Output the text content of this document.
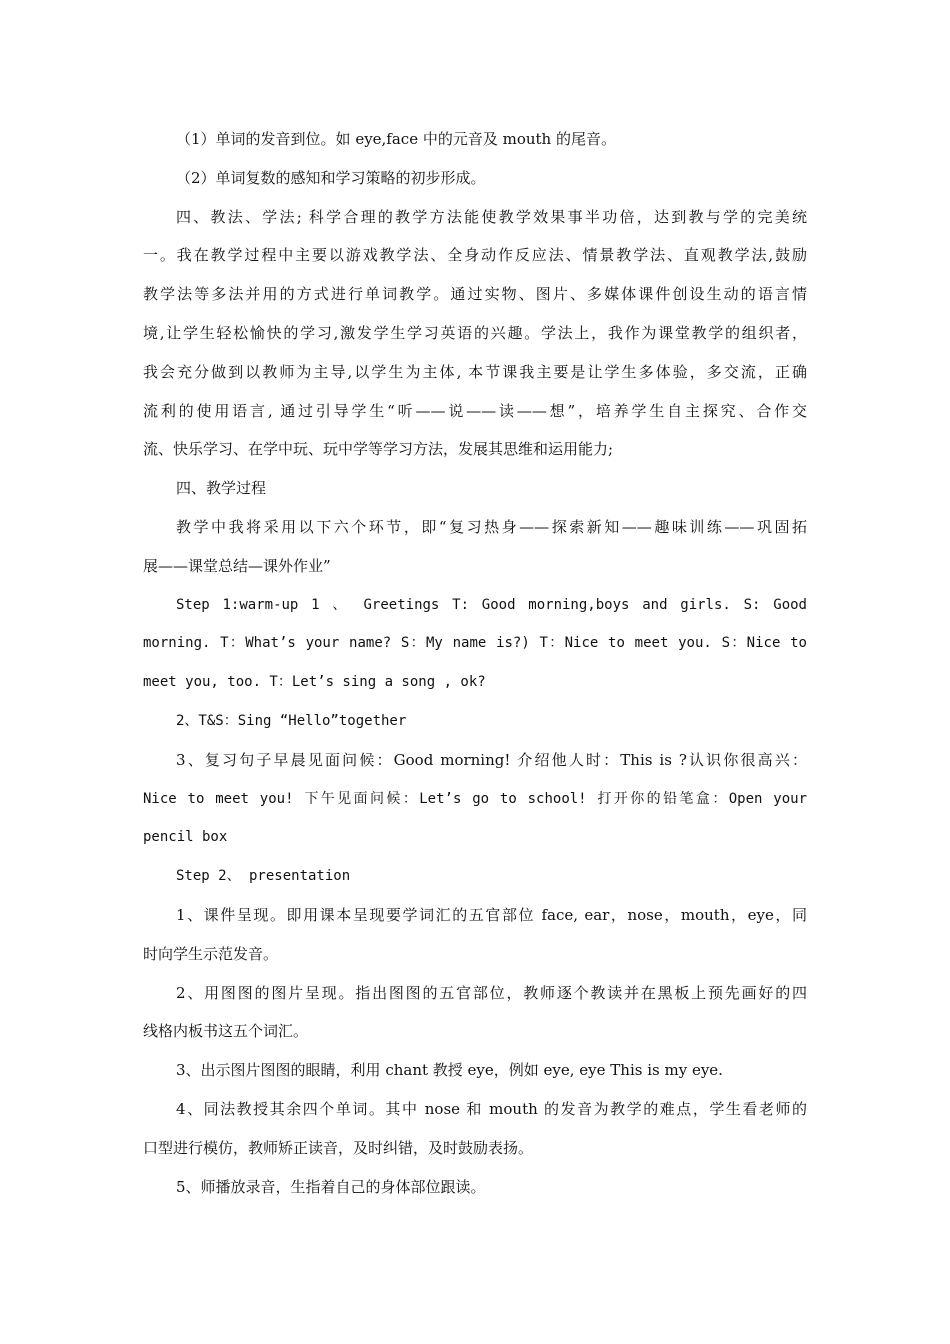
（1）单词的发音到位。如 eye,face 中的元音及 mouth 的尾音。
（2）单词复数的感知和学习策略的初步形成。
四、教法、学法; 科学合理的教学方法能使教学效果事半功倍，达到教与学的完美统
一。我在教学过程中主要以游戏教学法、全身动作反应法、情景教学法、直观教学法,鼓励
教学法等多法并用的方式进行单词教学。通过实物、图片、多媒体课件创设生动的语言情
境,让学生轻松愉快的学习,激发学生学习英语的兴趣。学法上，我作为课堂教学的组织者，
我会充分做到以教师为主导,以学生为主体, 本节课我主要是让学生多体验，多交流，正确
流利的使用语言, 通过引导学生“听——说——读——想”，培养学生自主探究、合作交
流、快乐学习、在学中玩、玩中学等学习方法，发展其思维和运用能力;
四、教学过程
教学中我将采用以下六个环节，即“复习热身——探索新知——趣味训练——巩固拓
展——课堂总结—课外作业”
Step 1:warm-up 1 、 Greetings T: Good morning,boys and girls. S: Good
morning. T：What’s your name? S：My name is?) T：Nice to meet you. S：Nice to
meet you, too. T：Let’s sing a song , ok?
2、T&S：Sing “Hello”together
3、复习句子早晨见面问候：Good morning! 介绍他人时：This is ?认识你很高兴：
Nice to meet you! 下午见面问候：Let’s go to school! 打开你的铅笔盒：Open your
pencil box
Step 2、 presentation
1、课件呈现。即用课本呈现要学词汇的五官部位 face, ear，nose，mouth，eye，同
时向学生示范发音。
2、用图图的图片呈现。指出图图的五官部位，教师逐个教读并在黑板上预先画好的四
线格内板书这五个词汇。
3、出示图片图图的眼睛，利用 chant 教授 eye，例如 eye, eye This is my eye.
4、同法教授其余四个单词。其中 nose 和 mouth 的发音为教学的难点，学生看老师的
口型进行模仿，教师矫正读音，及时纠错，及时鼓励表扬。
5、师播放录音，生指着自己的身体部位跟读。
